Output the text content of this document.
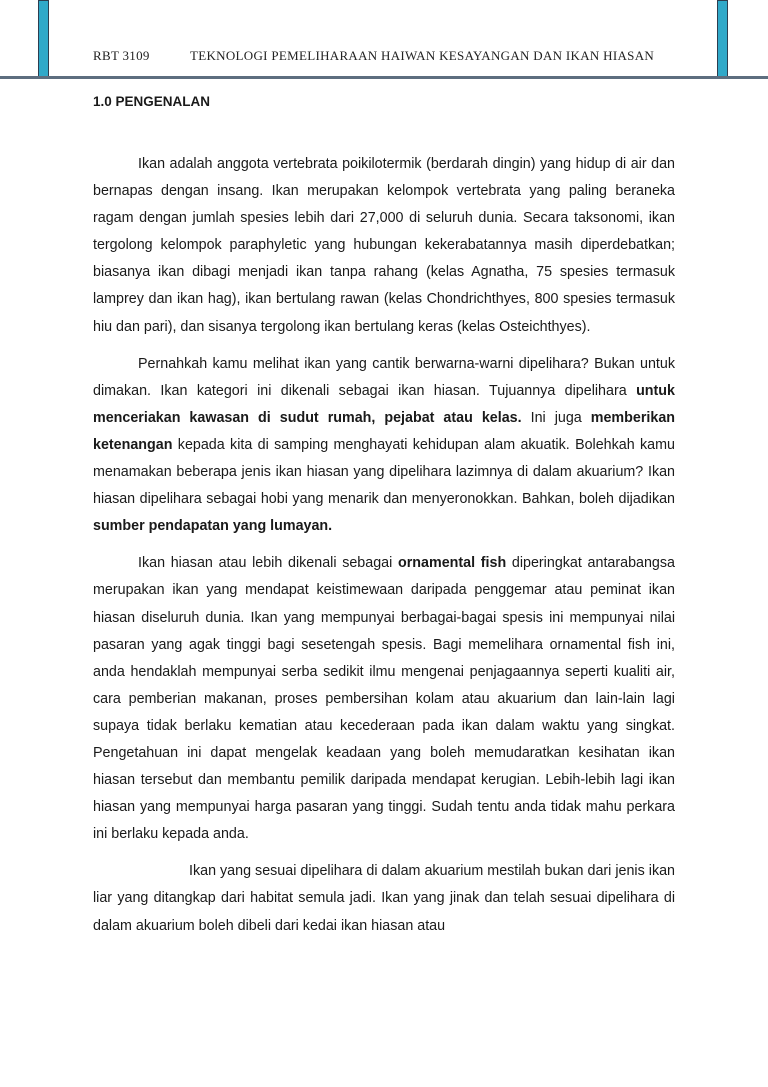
RBT 3109	TEKNOLOGI PEMELIHARAAN HAIWAN KESAYANGAN DAN IKAN HIASAN
1.0 PENGENALAN

Ikan adalah anggota vertebrata poikilotermik (berdarah dingin) yang hidup di air dan bernapas dengan insang. Ikan merupakan kelompok vertebrata yang paling beraneka ragam dengan jumlah spesies lebih dari 27,000 di seluruh dunia. Secara taksonomi, ikan tergolong kelompok paraphyletic yang hubungan kekerabatannya masih diperdebatkan; biasanya ikan dibagi menjadi ikan tanpa rahang (kelas Agnatha, 75 spesies termasuk lamprey dan ikan hag), ikan bertulang rawan (kelas Chondrichthyes, 800 spesies termasuk hiu dan pari), dan sisanya tergolong ikan bertulang keras (kelas Osteichthyes).

Pernahkah kamu melihat ikan yang cantik berwarna-warni dipelihara? Bukan untuk dimakan. Ikan kategori ini dikenali sebagai ikan hiasan. Tujuannya dipelihara untuk menceriakan kawasan di sudut rumah, pejabat atau kelas. Ini juga memberikan ketenangan kepada kita di samping menghayati kehidupan alam akuatik. Bolehkah kamu menamakan beberapa jenis ikan hiasan yang dipelihara lazimnya di dalam akuarium? Ikan hiasan dipelihara sebagai hobi yang menarik dan menyeronokkan. Bahkan, boleh dijadikan sumber pendapatan yang lumayan.

Ikan hiasan atau lebih dikenali sebagai ornamental fish diperingkat antarabangsa merupakan ikan yang mendapat keistimewaan daripada penggemar atau peminat ikan hiasan diseluruh dunia. Ikan yang mempunyai berbagai-bagai spesis ini mempunyai nilai pasaran yang agak tinggi bagi sesetengah spesis. Bagi memelihara ornamental fish ini, anda hendaklah mempunyai serba sedikit ilmu mengenai penjagaannya seperti kualiti air, cara pemberian makanan, proses pembersihan kolam atau akuarium dan lain-lain lagi supaya tidak berlaku kematian atau kecederaan pada ikan dalam waktu yang singkat. Pengetahuan ini dapat mengelak keadaan yang boleh memudaratkan kesihatan ikan hiasan tersebut dan membantu pemilik daripada mendapat kerugian. Lebih-lebih lagi ikan hiasan yang mempunyai harga pasaran yang tinggi. Sudah tentu anda tidak mahu perkara ini berlaku kepada anda.

Ikan yang sesuai dipelihara di dalam akuarium mestilah bukan dari jenis ikan liar yang ditangkap dari habitat semula jadi. Ikan yang jinak dan telah sesuai dipelihara di dalam akuarium boleh dibeli dari kedai ikan hiasan atau
